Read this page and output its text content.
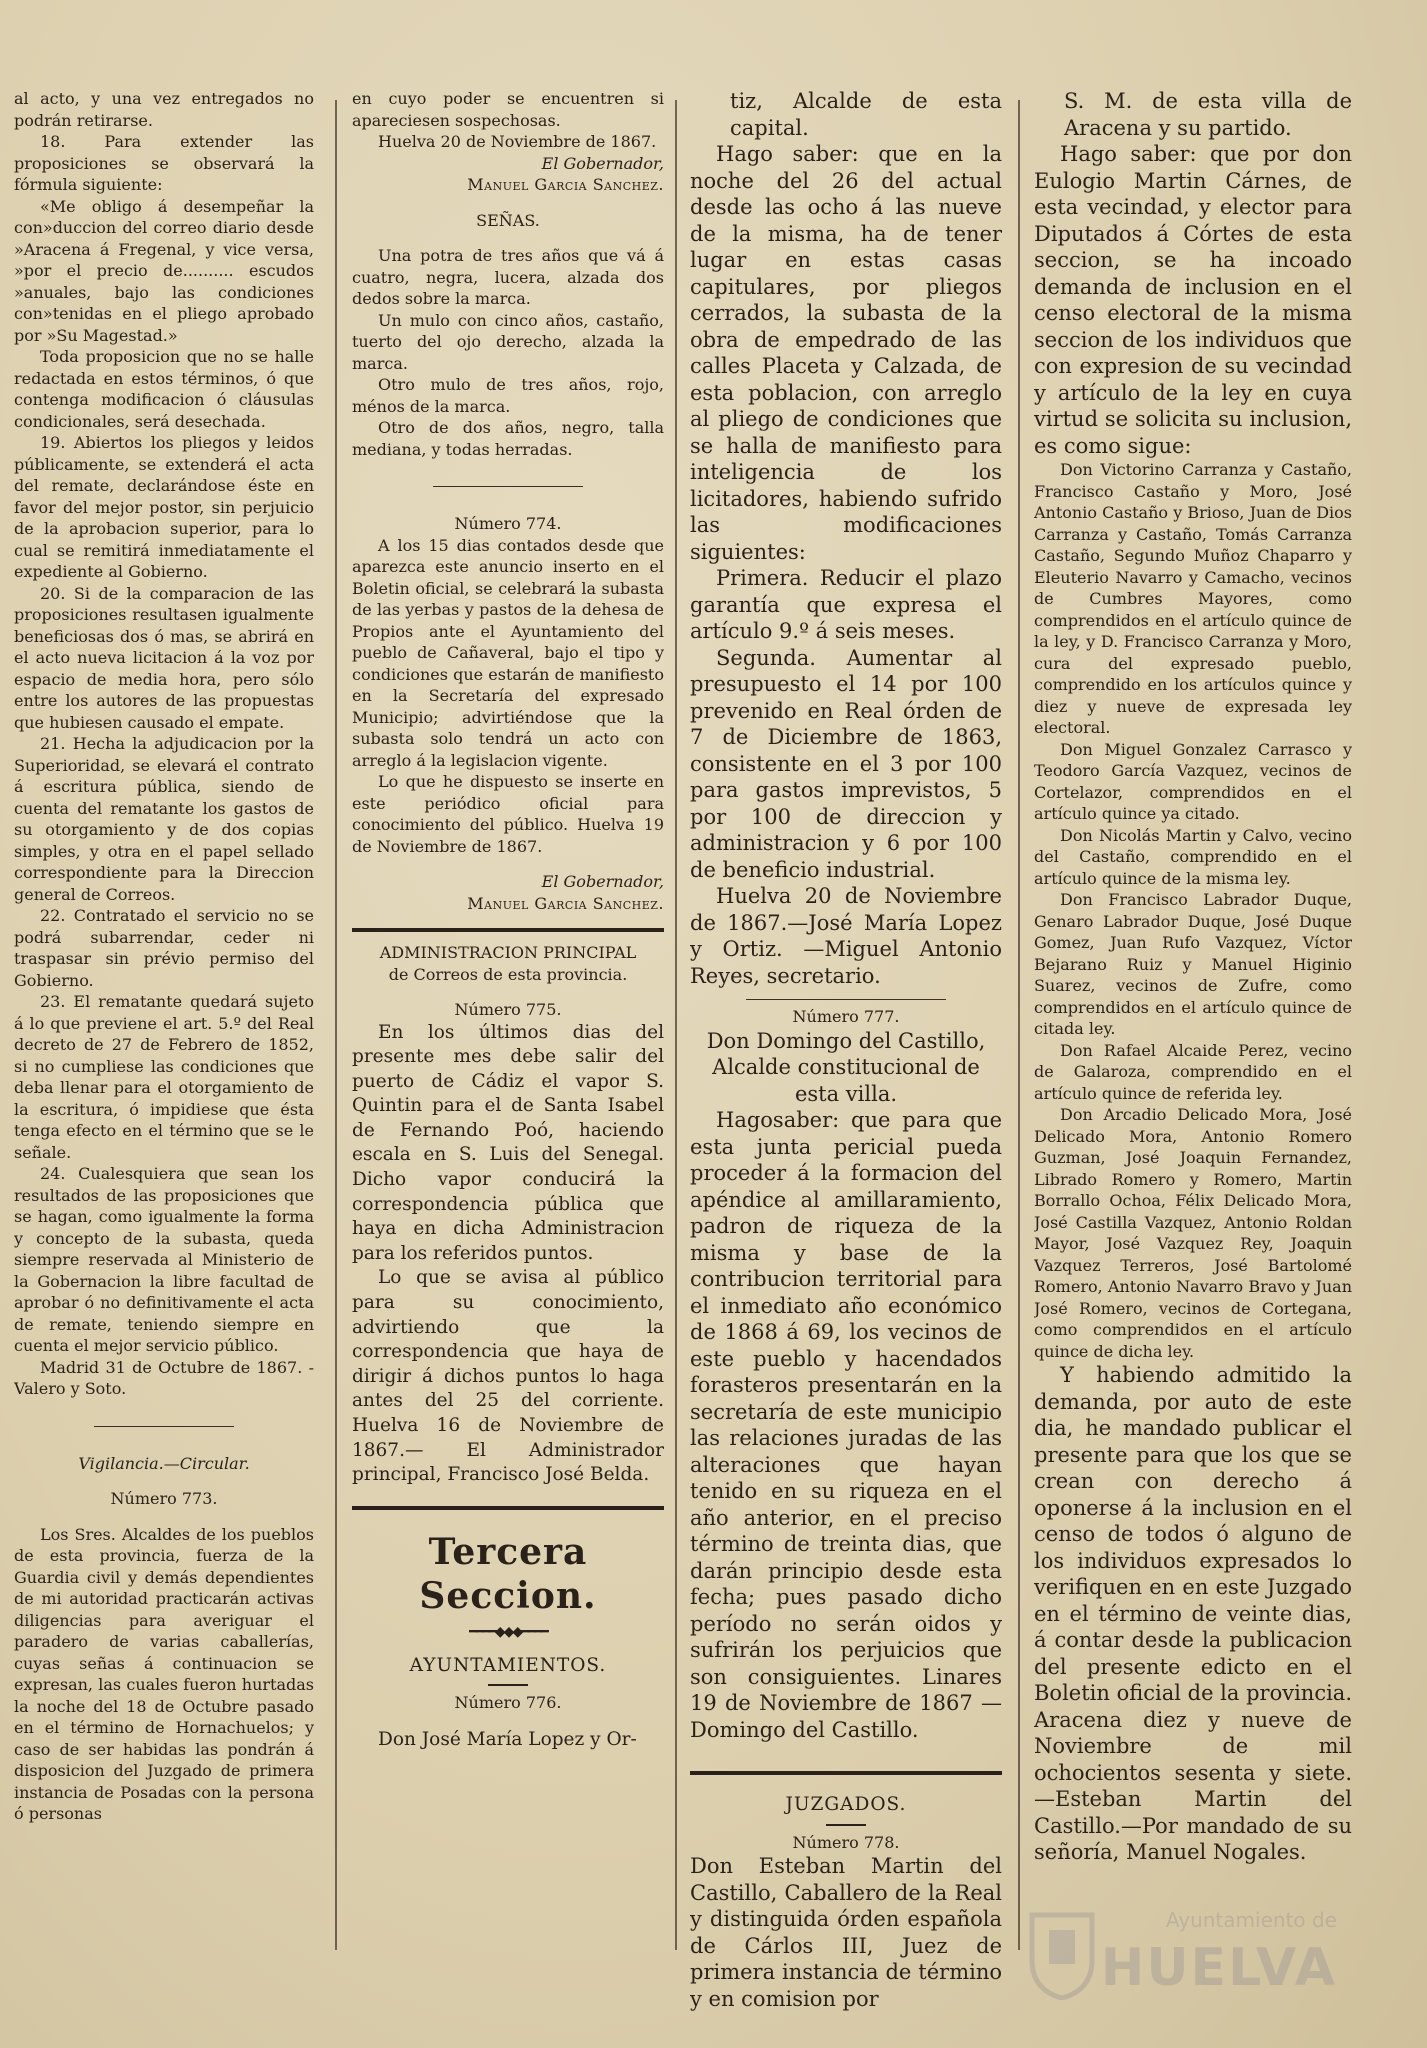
al acto, y una vez entregados no podrán retirarse.

18. Para extender las proposiciones se observará la fórmula siguiente:

«Me obligo á desempeñar la con»duccion del correo diario desde »Aracena á Fregenal, y vice versa, »por el precio de.......... escudos »anuales, bajo las condiciones con»tenidas en el pliego aprobado por »Su Magestad.»

Toda proposicion que no se halle redactada en estos términos, ó que contenga modificacion ó cláusulas condicionales, será desechada.

19. Abiertos los pliegos y leidos públicamente, se extenderá el acta del remate, declarándose éste en favor del mejor postor, sin perjuicio de la aprobacion superior, para lo cual se remitirá inmediatamente el expediente al Gobierno.

20. Si de la comparacion de las proposiciones resultasen igualmente beneficiosas dos ó mas, se abrirá en el acto nueva licitacion á la voz por espacio de media hora, pero sólo entre los autores de las propuestas que hubiesen causado el empate.

21. Hecha la adjudicacion por la Superioridad, se elevará el contrato á escritura pública, siendo de cuenta del rematante los gastos de su otorgamiento y de dos copias simples, y otra en el papel sellado correspondiente para la Direccion general de Correos.

22. Contratado el servicio no se podrá subarrendar, ceder ni traspasar sin prévio permiso del Gobierno.

23. El rematante quedará sujeto á lo que previene el art. 5.º del Real decreto de 27 de Febrero de 1852, si no cumpliese las condiciones que deba llenar para el otorgamiento de la escritura, ó impidiese que ésta tenga efecto en el término que se le señale.

24. Cualesquiera que sean los resultados de las proposiciones que se hagan, como igualmente la forma y concepto de la subasta, queda siempre reservada al Ministerio de la Gobernacion la libre facultad de aprobar ó no definitivamente el acta de remate, teniendo siempre en cuenta el mejor servicio público.

Madrid 31 de Octubre de 1867. -Valero y Soto.

Vigilancia.—Circular.

Número 773.

Los Sres. Alcaldes de los pueblos de esta provincia, fuerza de la Guardia civil y demás dependientes de mi autoridad practicarán activas diligencias para averiguar el paradero de varias caballerías, cuyas señas á continuacion se expresan, las cuales fueron hurtadas la noche del 18 de Octubre pasado en el término de Hornachuelos; y caso de ser habidas las pondrán á disposicion del Juzgado de primera instancia de Posadas con la persona ó personas

en cuyo poder se encuentren si apareciesen sospechosas.

Huelva 20 de Noviembre de 1867.

El Gobernador,

Manuel Garcia Sanchez.

SEÑAS.

Una potra de tres años que vá á cuatro, negra, lucera, alzada dos dedos sobre la marca.

Un mulo con cinco años, castaño, tuerto del ojo derecho, alzada la marca.

Otro mulo de tres años, rojo, ménos de la marca.

Otro de dos años, negro, talla mediana, y todas herradas.

Número 774.

A los 15 dias contados desde que aparezca este anuncio inserto en el Boletin oficial, se celebrará la subasta de las yerbas y pastos de la dehesa de Propios ante el Ayuntamiento del pueblo de Cañaveral, bajo el tipo y condiciones que estarán de manifiesto en la Secretaría del expresado Municipio; advirtiéndose que la subasta solo tendrá un acto con arreglo á la legislacion vigente.

Lo que he dispuesto se inserte en este periódico oficial para conocimiento del público. Huelva 19 de Noviembre de 1867.

El Gobernador,

Manuel Garcia Sanchez.

ADMINISTRACION PRINCIPAL

de Correos de esta provincia.

Número 775.

En los últimos dias del presente mes debe salir del puerto de Cádiz el vapor S. Quintin para el de Santa Isabel de Fernando Poó, haciendo escala en S. Luis del Senegal. Dicho vapor conducirá la correspondencia pública que haya en dicha Administracion para los referidos puntos.

Lo que se avisa al público para su conocimiento, advirtiendo que la correspondencia que haya de dirigir á dichos puntos lo haga antes del 25 del corriente. Huelva 16 de Noviembre de 1867.— El Administrador principal, Francisco José Belda.

Tercera Seccion.
━━━━◆◆◆━━━━

AYUNTAMIENTOS.

Número 776.

Don José María Lopez y Or-

tiz, Alcalde de esta capital.

Hago saber: que en la noche del 26 del actual desde las ocho á las nueve de la misma, ha de tener lugar en estas casas capitulares, por pliegos cerrados, la subasta de la obra de empedrado de las calles Placeta y Calzada, de esta poblacion, con arreglo al pliego de condiciones que se halla de manifiesto para inteligencia de los licitadores, habiendo sufrido las modificaciones siguientes:

Primera. Reducir el plazo garantía que expresa el artículo 9.º á seis meses.

Segunda. Aumentar al presupuesto el 14 por 100 prevenido en Real órden de 7 de Diciembre de 1863, consistente en el 3 por 100 para gastos imprevistos, 5 por 100 de direccion y administracion y 6 por 100 de beneficio industrial.

Huelva 20 de Noviembre de 1867.—José María Lopez y Ortiz. —Miguel Antonio Reyes, secretario.

Número 777.

Don Domingo del Castillo, Alcalde constitucional de esta villa.

Hagosaber: que para que esta junta pericial pueda proceder á la formacion del apéndice al amillaramiento, padron de riqueza de la misma y base de la contribucion territorial para el inmediato año económico de 1868 á 69, los vecinos de este pueblo y hacendados forasteros presentarán en la secretaría de este municipio las relaciones juradas de las alteraciones que hayan tenido en su riqueza en el año anterior, en el preciso término de treinta dias, que darán principio desde esta fecha; pues pasado dicho período no serán oidos y sufrirán los perjuicios que son consiguientes. Linares 19 de Noviembre de 1867 —Domingo del Castillo.

JUZGADOS.

Número 778.

Don Esteban Martin del Castillo, Caballero de la Real y distinguida órden española de Cárlos III, Juez de primera instancia de término y en comision por

S. M. de esta villa de Aracena y su partido.

Hago saber: que por don Eulogio Martin Cárnes, de esta vecindad, y elector para Diputados á Córtes de esta seccion, se ha incoado demanda de inclusion en el censo electoral de la misma seccion de los individuos que con expresion de su vecindad y artículo de la ley en cuya virtud se solicita su inclusion, es como sigue:

Don Victorino Carranza y Castaño, Francisco Castaño y Moro, José Antonio Castaño y Brioso, Juan de Dios Carranza y Castaño, Tomás Carranza Castaño, Segundo Muñoz Chaparro y Eleuterio Navarro y Camacho, vecinos de Cumbres Mayores, como comprendidos en el artículo quince de la ley, y D. Francisco Carranza y Moro, cura del expresado pueblo, comprendido en los artículos quince y diez y nueve de expresada ley electoral.

Don Miguel Gonzalez Carrasco y Teodoro García Vazquez, vecinos de Cortelazor, comprendidos en el artículo quince ya citado.

Don Nicolás Martin y Calvo, vecino del Castaño, comprendido en el artículo quince de la misma ley.

Don Francisco Labrador Duque, Genaro Labrador Duque, José Duque Gomez, Juan Rufo Vazquez, Víctor Bejarano Ruiz y Manuel Higinio Suarez, vecinos de Zufre, como comprendidos en el artículo quince de citada ley.

Don Rafael Alcaide Perez, vecino de Galaroza, comprendido en el artículo quince de referida ley.

Don Arcadio Delicado Mora, José Delicado Mora, Antonio Romero Guzman, José Joaquin Fernandez, Librado Romero y Romero, Martin Borrallo Ochoa, Félix Delicado Mora, José Castilla Vazquez, Antonio Roldan Mayor, José Vazquez Rey, Joaquin Vazquez Terreros, José Bartolomé Romero, Antonio Navarro Bravo y Juan José Romero, vecinos de Cortegana, como comprendidos en el artículo quince de dicha ley.

Y habiendo admitido la demanda, por auto de este dia, he mandado publicar el presente para que los que se crean con derecho á oponerse á la inclusion en el censo de todos ó alguno de los individuos expresados lo verifiquen en en este Juzgado en el término de veinte dias, á contar desde la publicacion del presente edicto en el Boletin oficial de la provincia. Aracena diez y nueve de Noviembre de mil ochocientos sesenta y siete.—Esteban Martin del Castillo.—Por mandado de su señoría, Manuel Nogales.

Ayuntamiento de
HUELVA
